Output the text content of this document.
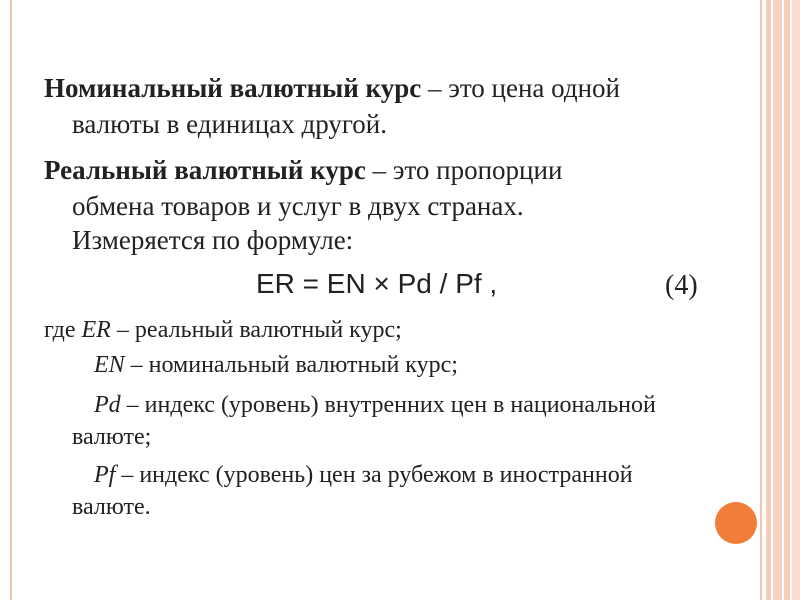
Номинальный валютный курс – это цена одной
валюты в единицах другой.
Реальный валютный курс – это пропорции
обмена товаров и услуг в двух странах.
Измеряется по формуле:
ER = EN × Pd / Pf ,	(4)
где ER – реальный валютный курс;
EN – номинальный валютный курс;
Pd – индекс (уровень) внутренних цен в национальной
валюте;
Pf – индекс (уровень) цен за рубежом в иностранной
валюте.
